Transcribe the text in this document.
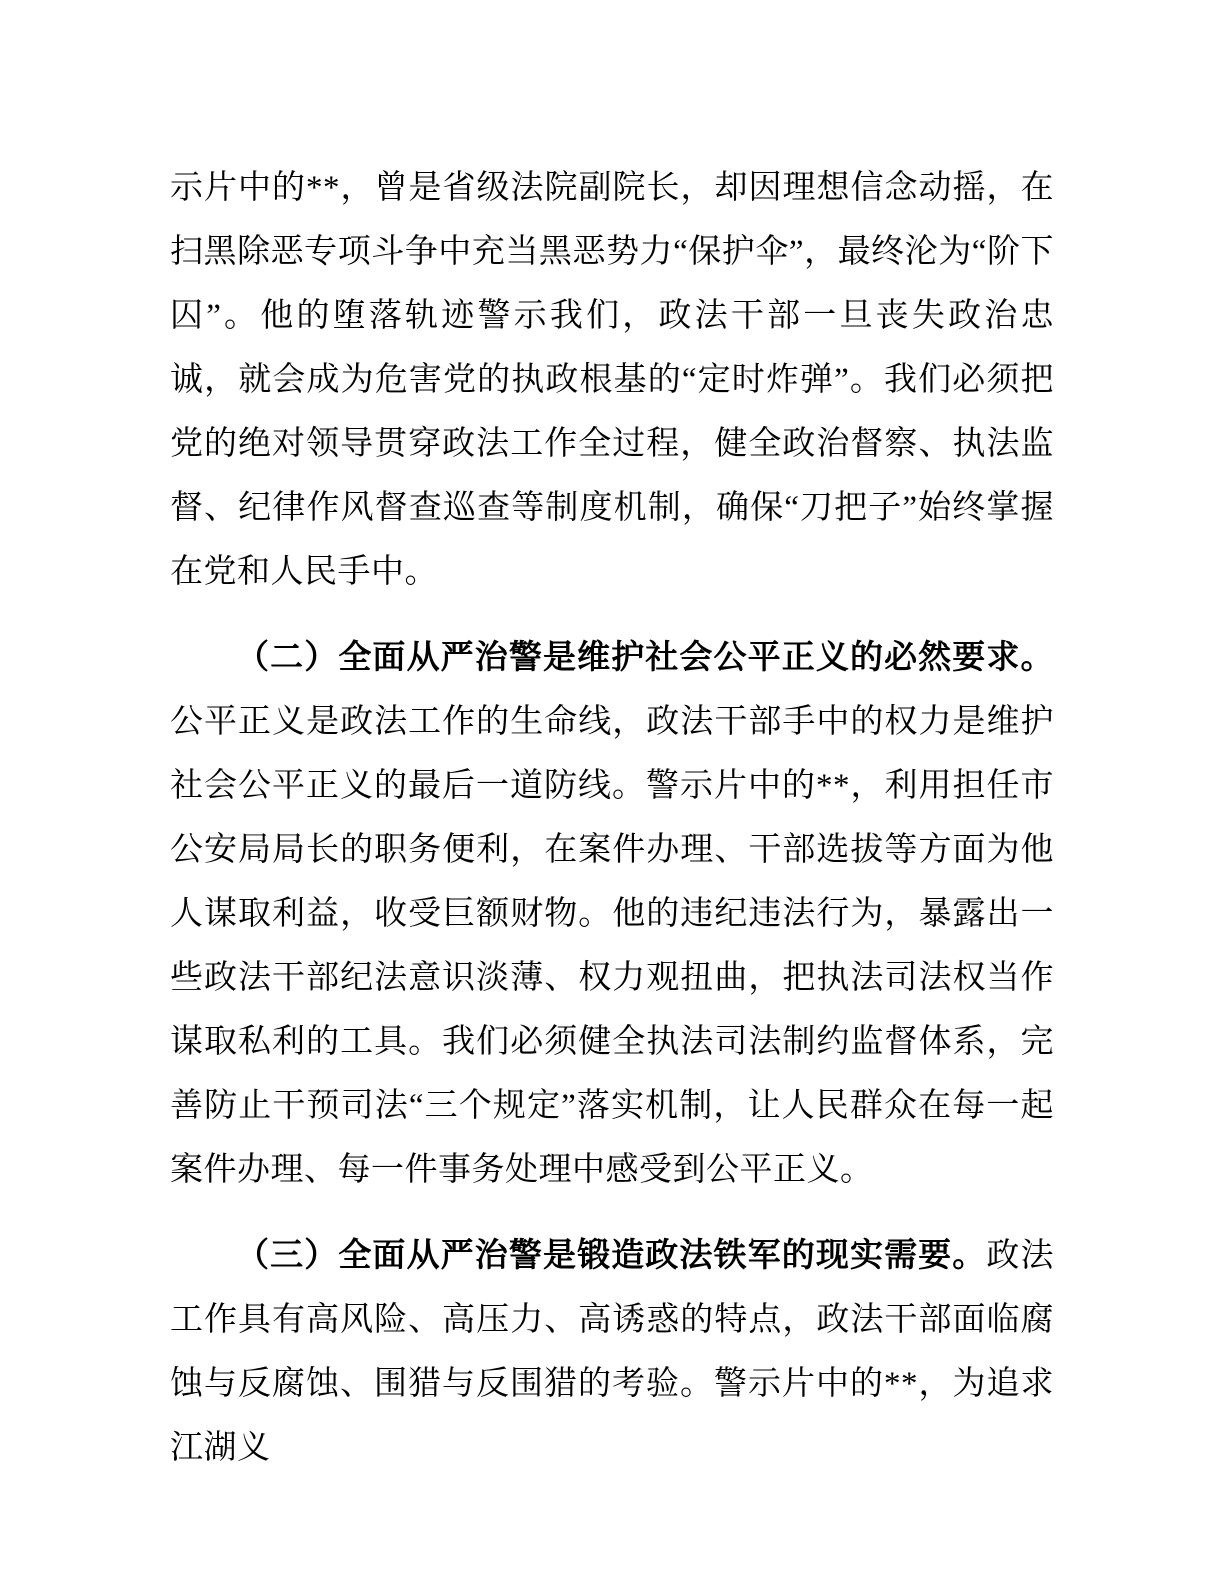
示片中的**，曾是省级法院副院长，却因理想信念动摇，在扫黑除恶专项斗争中充当黑恶势力“保护伞”，最终沦为“阶下囚”。他的堕落轨迹警示我们，政法干部一旦丧失政治忠诚，就会成为危害党的执政根基的“定时炸弹”。我们必须把党的绝对领导贯穿政法工作全过程，健全政治督察、执法监督、纪律作风督查巡查等制度机制，确保“刀把子”始终掌握在党和人民手中。

（二）全面从严治警是维护社会公平正义的必然要求。公平正义是政法工作的生命线，政法干部手中的权力是维护社会公平正义的最后一道防线。警示片中的**，利用担任市公安局局长的职务便利，在案件办理、干部选拔等方面为他人谋取利益，收受巨额财物。他的违纪违法行为，暴露出一些政法干部纪法意识淡薄、权力观扭曲，把执法司法权当作谋取私利的工具。我们必须健全执法司法制约监督体系，完善防止干预司法“三个规定”落实机制，让人民群众在每一起案件办理、每一件事务处理中感受到公平正义。

（三）全面从严治警是锻造政法铁军的现实需要。政法工作具有高风险、高压力、高诱惑的特点，政法干部面临腐蚀与反腐蚀、围猎与反围猎的考验。警示片中的**，为追求江湖义
